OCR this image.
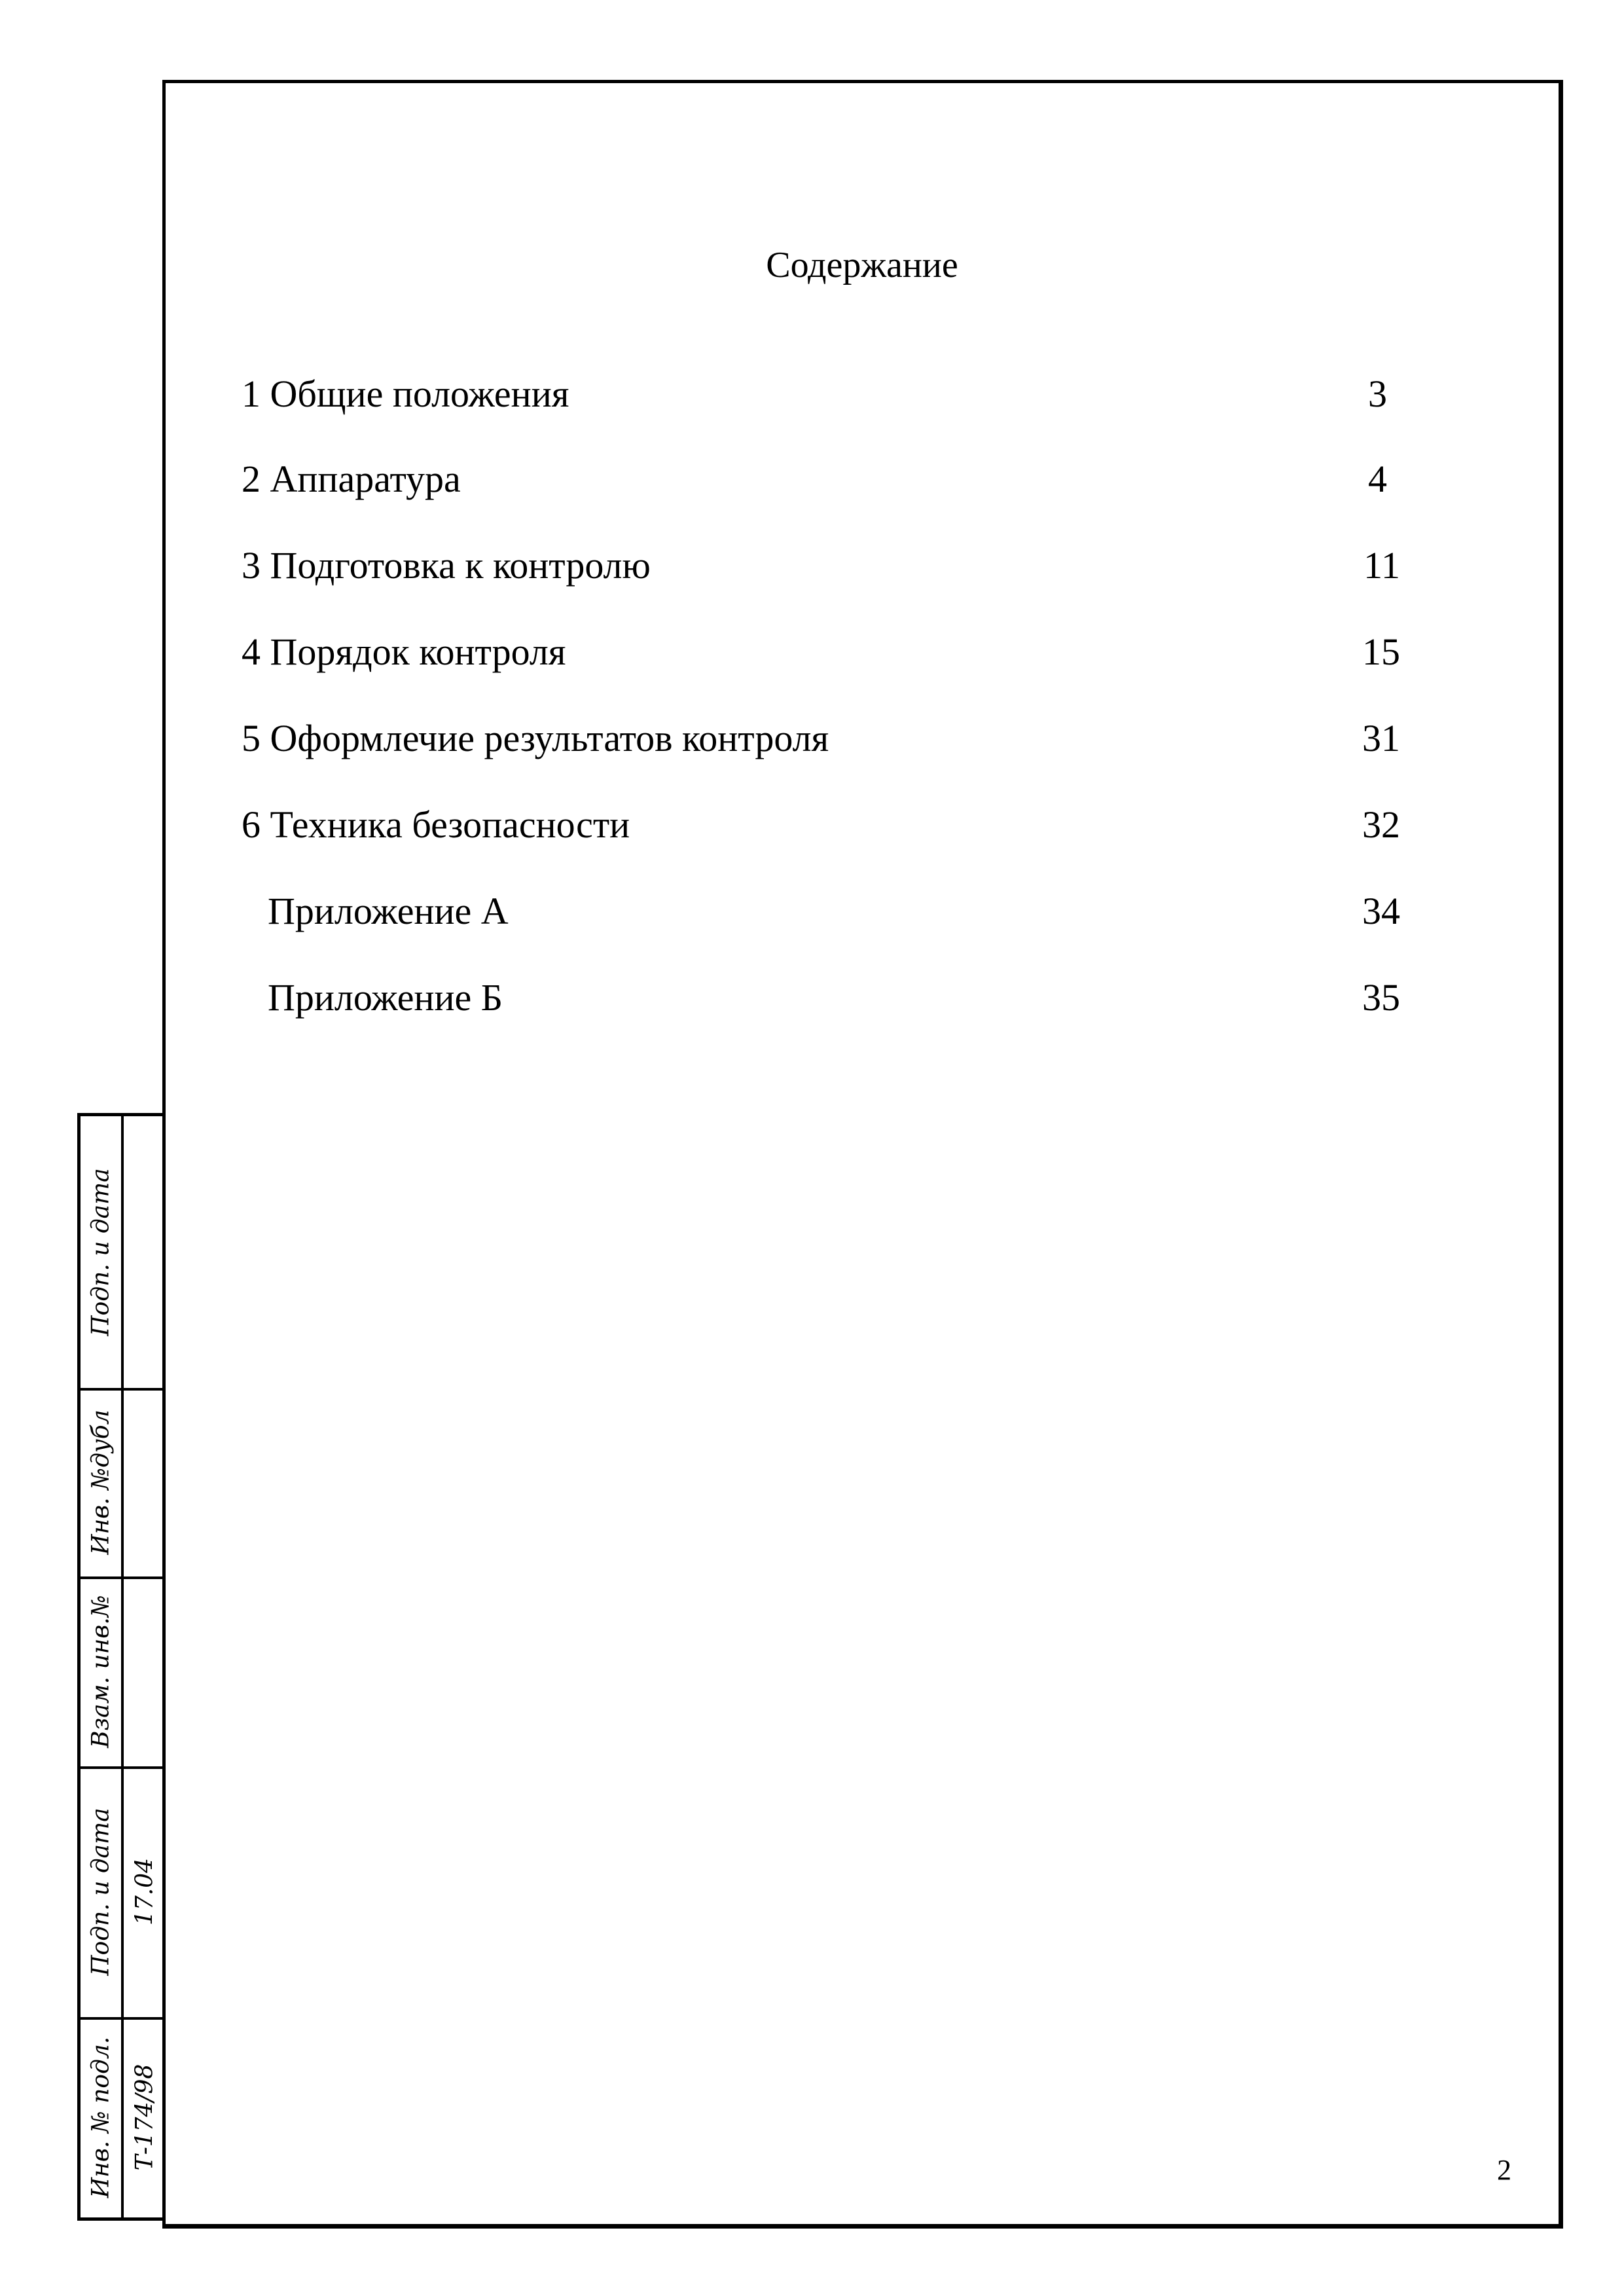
Содержание
1 Общие положения	3
2 Аппаратура	4
3 Подготовка к контролю	11
4 Порядок контроля	15
5 Оформлечие результатов контроля	31
6 Техника безопасности	32
Приложение А	34
Приложение Б	35
2
Подп. и дата
Инв. №дубл
Взам. инв.№
Подп. и дата 17.04
Инв. № подл. Т-174/98
